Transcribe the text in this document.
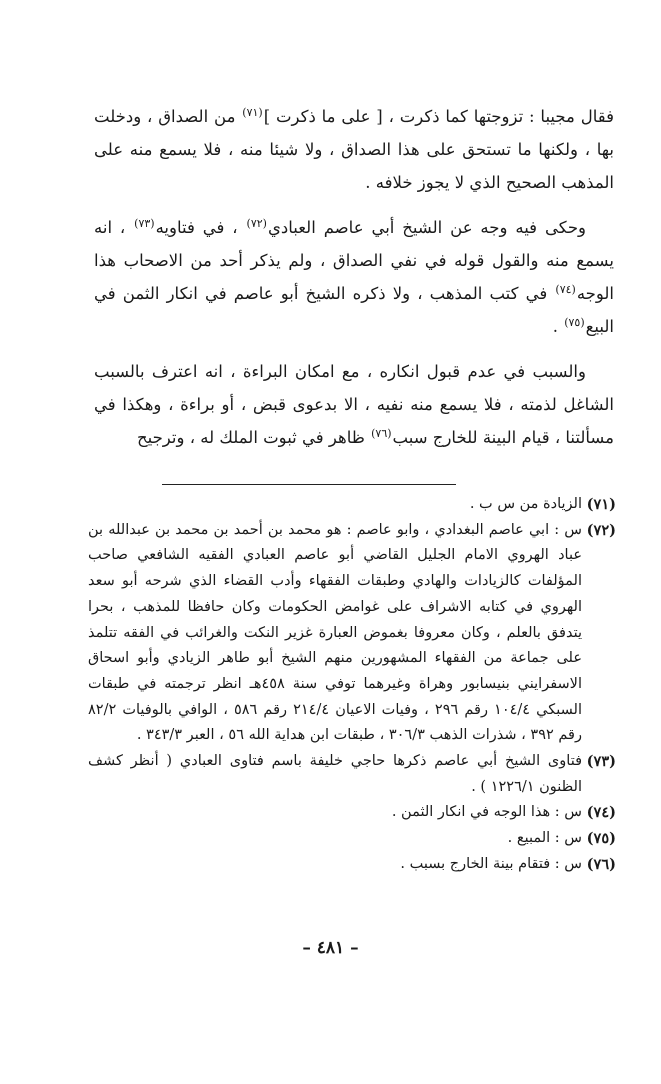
فقال مجيبا : تزوجتها كما ذكرت ، [ على ما ذكرت ]$^{(٧١)}$ من الصداق ، ودخلت بها ، ولكنها ما تستحق على هذا الصداق ، ولا شيئا منه ، فلا يسمع منه على المذهب الصحيح الذي لا يجوز خلافه .

وحكى فيه وجه عن الشيخ أبي عاصم العبادي$^{(٧٢)}$ ، في فتاويه$^{(٧٣)}$ ، انه يسمع منه والقول قوله في نفي الصداق ، ولم يذكر أحد من الاصحاب هذا الوجه$^{(٧٤)}$ في كتب المذهب ، ولا ذكره الشيخ أبو عاصم في انكار الثمن في البيع$^{(٧٥)}$ .

والسبب في عدم قبول انكاره ، مع امكان البراءة ، انه اعترف بالسبب الشاغل لذمته ، فلا يسمع منه نفيه ، الا بدعوى قبض ، أو براءة ، وهكذا في مسألتنا ، قيام البينة للخارج سبب$^{(٧٦)}$ ظاهر في ثبوت الملك له ، وترجيح

(٧١)
الزيادة من س ب .
(٧٢)
س : ابي عاصم البغدادي ، وابو عاصم : هو محمد بن أحمد بن محمد بن عبدالله بن عباد الهروي الامام الجليل القاضي أبو عاصم العبادي الفقيه الشافعي صاحب المؤلفات كالزيادات والهادي وطبقات الفقهاء وأدب القضاء الذي شرحه أبو سعد الهروي في كتابه الاشراف على غوامض الحكومات وكان حافظا للمذهب ، بحرا يتدفق بالعلم ، وكان معروفا بغموض العبارة غزير النكت والغرائب في الفقه تتلمذ على جماعة من الفقهاء المشهورين منهم الشيخ أبو طاهر الزيادي وأبو اسحاق الاسفرايني بنيسابور وهراة وغيرهما توفي سنة ٤٥٨هـ انظر ترجمته في طبقات السبكي ١٠٤/٤ رقم ٢٩٦ ، وفيات الاعيان ٢١٤/٤ رقم ٥٨٦ ، الوافي بالوفيات ٨٢/٢ رقم ٣٩٢ ، شذرات الذهب ٣٠٦/٣ ، طبقات ابن هداية الله ٥٦ ، العبر ٣٤٣/٣ .
(٧٣)
فتاوى الشيخ أبي عاصم ذكرها حاجي خليفة باسم فتاوى العبادي ( أنظر كشف الظنون ١٢٢٦/١ ) .
(٧٤)
س : هذا الوجه في انكار الثمن .
(٧٥)
س : المبيع .
(٧٦)
س : فتقام بينة الخارج بسبب .
– ٤٨١ –
